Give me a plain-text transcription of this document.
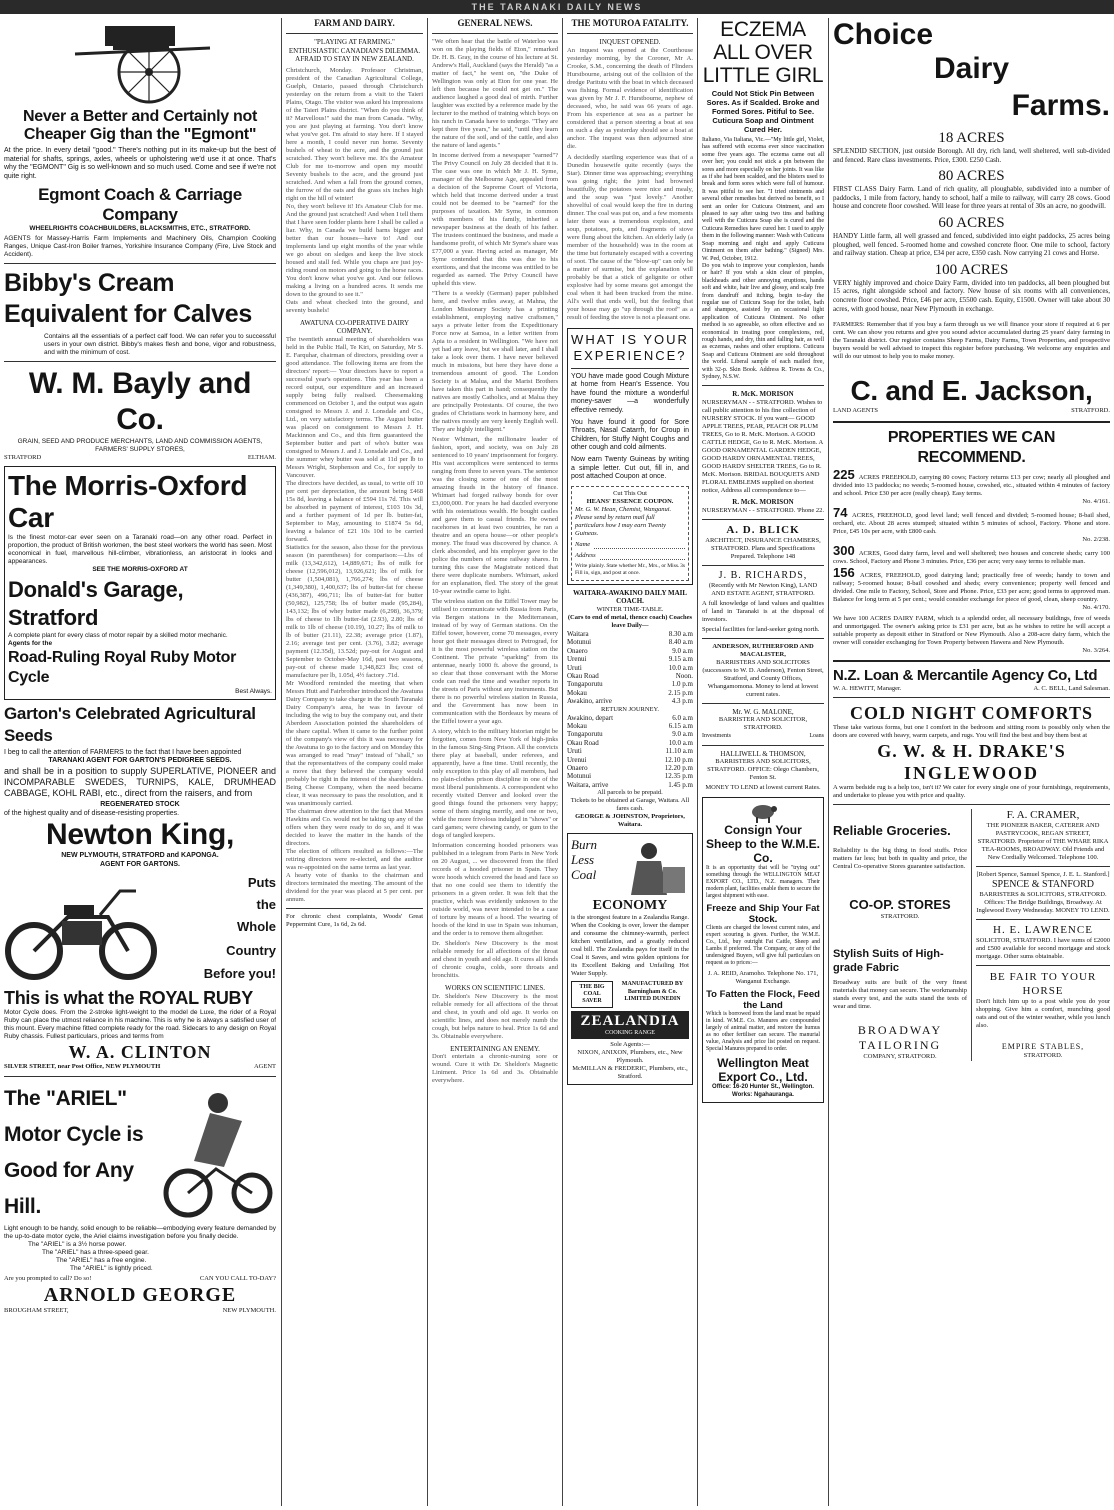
THE TARANAKI DAILY NEWS
Never a Better and Certainly not Cheaper Gig than the "Egmont"
At the price. In every detail "good." There's nothing put in its make-up but the best of material for shafts, springs, axles, wheels or upholstering we'd use it at once. That's why the "EGMONT" Gig is so well-known and so much used. Come and see if we're not quite right.
Egmont Coach & Carriage Company
WHEELRIGHTS COACHBUILDERS, BLACKSMITHS, ETC., STRATFORD.
AGENTS for Massey-Harris Farm Implements and Machinery Oils, Champion Cooking Ranges, Unique Cast-Iron Boiler frames, Yorkshire Insurance Company (Fire, Live Stock and Accident).
Bibby's Cream Equivalent for Calves
Contains all the essentials of a perfect calf food. We can refer you to successful users in your own district. Bibby's makes flesh and bone, vigor and robustness, and with the minimum of cost.
W. M. Bayly and Co.
GRAIN, SEED AND PRODUCE MERCHANTS, LAND AND COMMISSION AGENTS, FARMERS' SUPPLY STORES,
STRATFORD	ELTHAM.
The Morris-Oxford Car
Is the finest motor-car ever seen on a Taranaki road—on any other road. Perfect in proportion, the product of British workmen, the best steel workers the world has seen. Most economical in fuel, marvellous hill-climber, vibrationless, an aristocrat in looks and appearances.
SEE THE MORRIS-OXFORD AT
Donald's Garage, Stratford
A complete plant for every class of motor repair by a skilled motor mechanic.
Agents for the
Road-Ruling Royal Ruby Motor Cycle
Best Always.
Garton's Celebrated Agricultural Seeds
I beg to call the attention of FARMERS to the fact that I have been appointed
TARANAKI AGENT FOR GARTON'S PEDIGREE SEEDS.
and shall be in a position to supply SUPERLATIVE, PIONEER and INCOMPARABLE SWEDES, TURNIPS, KALE, DRUMHEAD CABBAGE, KOHL RABI, etc., direct from the raisers, and from
REGENERATED STOCK
of the highest quality and of disease-resisting properties.
Newton King,
NEW PLYMOUTH, STRATFORD and KAPONGA.
AGENT FOR GARTONS.
Puts
the
Whole
Country
Before you!
This is what the ROYAL RUBY
Motor Cycle does. From the 2-stroke light-weight to the model de Luxe, the rider of a Royal Ruby can place the utmost reliance in his machine. This is why he is always a satisfied user of this mount. Every machine fitted complete ready for the road. Sidecars to any design on Royal Ruby chassis. Fullest particulars, prices and terms from
W. A. CLINTON
SILVER STREET, near Post Office, NEW PLYMOUTH	AGENT
The "ARIEL" Motor Cycle is Good for Any Hill.
Light enough to be handy, solid enough to be reliable—embodying every feature demanded by the up-to-date motor cycle, the Ariel claims investigation before you finally decide.
The "ARIEL" is a 3½ horse power.
The "ARIEL" has a three-speed gear.
The "ARIEL" has a free engine.
The "ARIEL" is lightly priced.
Are you prompted to call? Do so!	CAN YOU CALL TO-DAY?
ARNOLD GEORGE
BROUGHAM STREET,	NEW PLYMOUTH.
FARM AND DAIRY.
"PLAYING AT FARMING."
ENTHUSIASTIC CANADIAN'S DILEMMA.
AFRAID TO STAY IN NEW ZEALAND.
Christchurch, Monday. Professor Christman, president of the Canadian Agricultural College, Guelph, Ontario, passed through Christchurch yesterday on the return from a visit to the Taieri Plains, Otago. The visitor was asked his impressions of the Taieri Plains district. "When do you think of it? Marvellous!" said the man from Canada. "Why, you are just playing at farming. You don't know what you've got. I'm afraid to stay here. If I stayed here a month, I could never run home. Seventy bushels of wheat to the acre, and the ground just scratched. They won't believe me. It's the Amateur Club for me to-morrow and open my mouth! Seventy bushels to the acre, and the ground just scratched. And when a fall from the ground comes, the furrow of the oats and the grass six inches high right on the hill of winter!
No, they won't believe it! It's Amateur Club for me. And the ground just scratched! And when I tell them that I have seen fodder plants here I shall be called a liar. Why, in Canada we build barns bigger and better than our houses—have to! And our implements land up eight months of the year while we go about on sledges and keep the live stock housed and stall fed. While you chaps are just joy-riding round on motors and going to the horse races. You don't know what you've got. And our fellows making a living on a hundred acres. It sends me down to the ground to see it."
Oats and wheat checked into the ground, and seventy bushels!
AWATUNA CO-OPERATIVE DAIRY COMPANY.
The twentieth annual meeting of shareholders was held in the Public Hall, Te Kiri, on Saturday, Mr S. E. Farquhar, chairman of directors, presiding over a good attendance. The following items are from the directors' report:— Your directors have to report a successful year's operations. This year has been a record output, our expenditure and an increased supply being fully realised. Cheesemaking commenced on October 1, and the output was again consigned to Messrs J. and J. Lonsdale and Co., Ltd., on very satisfactory terms. The August butter was placed on consignment to Messrs J. H. Mackinnon and Co., and this firm guaranteed the September butter and part of who's butter was consigned to Messrs J. and J. Lonsdale and Co., and the summer whey butter was sold at 11d per lb to Messrs Wright, Stephenson and Co., for supply to Vancouver.
The directors have decided, as usual, to write off 10 per cent per depreciation, the amount being £468 15s 8d, leaving a balance of £594 11s 7d. This will be absorbed in payment of interest, £103 10s 3d, and a further payment of 1d per lb. butter-fat, September to May, amounting to £1874 5s 6d, leaving a balance of £21 10s 10d to be carried forward.
Statistics for the season, also those for the previous season (in parentheses) for comparison:—Lbs of milk (13,342,612), 14,889,671; lbs of milk for cheese (12,596,012), 13,926,621; lbs of milk for butter (1,504,081), 1,766,274; lbs of cheese (1,349,380), 1,400,637; lbs of butter-fat for cheese (436,387), 496,711; lbs of butter-fat for butter (50,982), 125,758; lbs of butter made (95,284), 143,132; lbs of whey butter made (6,298), 36,379; lbs of cheese to 1lb butter-fat (2.93), 2.80; lbs of milk to 1lb of cheese (10.19), 10.27; lbs of milk to lb of butter (21.11), 22.38; average price (1.87), 2.16; average test per cent. (3.76), 3.82; average payment (12.35d), 13.52d; pay-out for August and September to October-May 16d, past two seasons, pay-out of cheese made 1,348,823 lbs; cost of manufacture per lb, 1.05d, 4½ factory .71d.
Mr Woodford reminded the meeting that when Messrs Hutt and Fairbrother introduced the Awatuna Dairy Company to take charge in the South Taranaki Dairy Company's area, he was in favour of including the wig to buy the company out, and their Aberdeen Association pointed the shareholders of the share capital. When it came to the further point of the company's view of this it was necessary for the Awatuna to go to the factory and on Monday this was arranged to read "may" instead of "shall," so that the representatives of the company could make a move that they believed the company would probably be right in the interest of the shareholders. Being Cheese Company, when the need became clear, it was necessary to pass the resolution, and it was unanimously carried.
The chairman drew attention to the fact that Messrs Hawkins and Co. would not be taking up any of the offers when they were ready to do so, and it was decided to leave the matter in the hands of the directors.
The election of officers resulted as follows:—The retiring directors were re-elected, and the auditor was re-appointed on the same terms as last year.
A hearty vote of thanks to the chairman and directors terminated the meeting. The amount of the dividend for the year was placed at 5 per cent. per annum.
For chronic chest complaints, Woods' Great Peppermint Cure, 1s 6d, 2s 6d.
GENERAL NEWS.
"We often hear that the battle of Waterloo was won on the playing fields of Eton," remarked Dr. H. B. Gray, in the course of his lecture at St. Andrew's Hall, Auckland (says the Herald) "as a matter of fact," he went on, "the Duke of Wellington was only at Eton for one year. He left then because he could not get on." The audience laughed a good deal of mirth. Further laughter was excited by a reference made by the lecturer to the method of training which boys on his ranch in Canada have to undergo. "They are kept there five years," he said, "until they learn the nature of the soil, and of the cattle, and also the nature of land agents."
In income derived from a newspaper "earned"? The Privy Council on July 28 decided that it is. The case was one in which Mr J. H. Syme, manager of the Melbourne Age, appealed from a decision of the Supreme Court of Victoria, which held that income derived under a trust could not be deemed to be "earned" for the purposes of taxation. Mr Syme, in common with members of his family, inherited a newspaper business at the death of his father. The trustees continued the business, and made a handsome profit, of which Mr Syme's share was £77,000 a year. Having acted as manager, Mr Syme contended that this was due to his exertions, and that the income was entitled to be regarded as earned. The Privy Council have upheld this view.
"There is a weekly (German) paper published here, and twelve miles away, at Mahna, the London Missionary Society has a printing establishment, employing native craftsmen," says a private letter from the Expeditionary Force now at Samoa, in a letter written from Apia to a resident in Wellington. "We have not yet had any leave, but we shall later, and I shall take a look over them. I have never believed much in missions, but here they have done a tremendous amount of good. The London Society is at Malua, and the Marist Brothers have taken this part in hand; consequently the natives are mostly Catholics, and at Malua they are principally Protestants. Of course, the two grades of Christians work in harmony here, and the natives mostly are very keenly English well. They are highly intelligent."
Nestor Whimart, the millionaire leader of fashion, sport, and society, was on July 28 sentenced to 10 years' imprisonment for forgery. His vast accomplices were sentenced to terms ranging from three to seven years. The sentence was the closing scene of one of the most amazing frauds in the history of finance. Whimart had forged railway bonds for over £3,000,000. For years he had dazzled everyone with his ostentatious wealth. He bought castles and gave them to casual friends. He owned racehorses in at least two countries, he ran a theatre and an opera house—or other people's money. The fraud was discovered by chance. A clerk absconded, and his employer gave to the police the numbers of some railway shares. In turning this case the Magistrate noticed that there were duplicate numbers. Whimart, asked for an explanation, fled. The story of the great 10-year swindle came to light.
The wireless station on the Eiffel Tower may be utilised to communicate with Russia from Paris, via Bergen stations in the Mediterranean, instead of by way of German stations. On the Eiffel tower, however, come 70 messages, every hour got their messages direct to Petrograd, for it is the most powerful wireless station on the Continent. The private "sparking" from its antennae, nearly 1000 ft. above the ground, is so clear that those conversant with the Morse code can read the time and weather reports in the streets of Paris without any instruments. But there is no powerful wireless station in Russia, and the Government has now been in communication with the Bordeaux by means of the Eiffel tower a year ago.
A story, which to the military historian might be forgotten, comes from New York of high-jinks in the famous Sing-Sing Prison. All the convicts there play at baseball, under referees, and apparently, have a fine time. Until recently, the only exception to this play of all members, had no plain-clothes prison discipline in one of the most liberal punishments. A correspondent who recently visited Denver and looked over the good things found the prisoners very happy; some of them singing merrily, and one or two, while the more frivolous indulged in "shows" or card games; were chewing candy, or gum to the dogs of tangled keepers.
Information concerning hooded prisoners was published in a telegram from Paris in New York on 20 August, ... we discovered from the filed records of a hooded prisoner in Spain. They wore hoods which covered the head and face so that no one could see them to identify the prisoners in a given order. It was felt that the practice, which was evidently unknown to the outside world, was never intended to be a case of torture by means of a hood. The wearing of hoods of the kind in use in Spain was inhuman, and the order is to remove them altogether.
Dr. Sheldon's New Discovery is the most reliable remedy for all affections of the throat and chest in youth and old age. It cures all kinds of chronic coughs, colds, sore throats and bronchitis.
WORKS ON SCIENTIFIC LINES.
Dr. Sheldon's New Discovery is the most reliable remedy for all affections of the throat and chest, in youth and old age. It works on scientific lines, and does not merely numb the cough, but helps nature to heal. Price 1s 6d and 3s. Obtainable everywhere.
ENTERTAINING AN ENEMY.
Don't entertain a chronic-nursing sore or wound. Cure it with Dr. Sheldon's Magnetic Liniment. Price 1s 6d and 3s. Obtainable everywhere.
THE MOTUROA FATALITY.
INQUEST OPENED.
An inquest was opened at the Courthouse yesterday morning, by the Coroner, Mr A. Crooke, S.M., concerning the death of Flinders Hurstbourne, arising out of the collision of the dredge Paritutu with the boat in which deceased was fishing. Formal evidence of identification was given by Mr J. F. Hurstbourne, nephew of deceased, who, he said was 66 years of age. From his experience at sea as a partner he considered that a person steering a boat at sea on such a day as yesterday should see a boat at anchor. The inquest was then adjourned sine die.
A decidedly startling experience was that of a Dunedin housewife quite recently (says the Star). Dinner time was approaching; everything was going right; the joint had browned beautifully, the potatoes were nice and mealy, and the soup was "just lovely." Another shovelful of coal would keep the fire in during dinner. The coal was put on, and a few moments later there was a tremendous explosion, and soup, potatoes, pots, and fragments of stove were flung about the kitchen. An elderly lady (a member of the household) was in the room at the time but fortunately escaped with a covering of soot. The cause of the "blow-up" can only be a matter of surmise, but the explanation will probably be that a stick of gelignite or other explosive had by some means got amongst the coal when it had been trucked from the mine. All's well that ends well, but the feeling that your house may go "up through the roof" as a result of feeding the stove is not a pleasant one.
WHAT IS YOUR EXPERIENCE?
YOU have made good Cough Mixture at home from Hean's Essence. You have found the mixture a wonderful money-saver —a wonderfully effective remedy.
You have found it good for Sore Throats, Nasal Catarrh, for Croup in Children, for Stuffy Night Coughs and other cough and cold ailments.
Now earn Twenty Guineas by writing a simple letter. Cut out, fill in, and post attached Coupon at once.
Cut This Out
HEANS' ESSENCE COUPON.
Mr. G. W. Hean, Chemist, Wanganui.
Please send by return mail full particulars how I may earn Twenty Guineas.
Name
Address
Write plainly. State whether Mr., Mrs., or Miss. Fill in, sign, and post at once.
3s
WAITARA-AWAKINO DAILY MAIL COACH.
WINTER TIME-TABLE.
(Cars to end of metal, thence coach) Coaches leave Daily—
Waitara	8.30 a.m
Motunui	8.40 a.m
Onaero	9.0 a.m
Urenui	9.15 a.m
Uruti	10.0 a.m
Okau Road	Noon.
Tongaporutu	1.0 p.m
Mokau	2.15 p.m
Awakino, arrive	4.3 p.m
RETURN JOURNEY.
Awakino, depart	6.0 a.m
Mokau	6.15 a.m
Tongaporutu	9.0 a.m
Okau Road	10.0 a.m
Uruti	11.10 a.m
Urenui	12.10 p.m
Onaero	12.20 p.m
Motunui	12.35 p.m
Waitara, arrive	1.45 p.m
All parcels to be prepaid.
Tickets to be obtained at Garage, Waitara. All fares cash.
GEORGE & JOHNSTON, Proprietors, Waitara.
Burn
Less
Coal
ECONOMY
is the strongest feature in a Zealandia Range. When the Cooking is over, lower the damper and consume the chimney-warmth, perfect kitchen ventilation, and a greatly reduced coal bill. The Zealandia pays for itself in the Coal it Saves, and wins golden opinions for its Excellent Baking and Unfailing Hot Water Supply.
THE BIG COAL SAVER
MANUFACTURED BY Barningham & Co. LIMITED DUNEDIN
ZEALANDIA
COOKING RANGE
Sole Agents:—
NIXON, ANIXON, Plumbers, etc., New Plymouth.
McMILLAN & FREDERIC, Plumbers, etc., Stratford.
ECZEMA ALL OVER LITTLE GIRL
Could Not Stick Pin Between Sores. As if Scalded. Broke and Formed Sores. Pitiful to See. Cuticura Soap and Ointment Cured Her.
Italiano, Via Italiana, Vic.—"My little girl, Violet, has suffered with eczema ever since vaccination some five years ago. The eczema came out all over her; you could not stick a pin between the sores and more especially on her joints. It was like as if she had been scalded, and the blisters used to break and form sores which were full of humour. It was pitiful to see her. "I tried ointments and several other remedies but derived no benefit, so I sent an order for Cuticura Ointment, and am pleased to say after using two tins and bathing well with the Cuticura Soap she is cured and the Cuticura Remedies have cured her. I used to apply them in the following manner: Wash with Cuticura Soap morning and night and apply Cuticura Ointment on them after bathing." (Signed) Mrs. W. Ped, October, 1912.
Do you wish to improve your complexion, hands or hair? If you wish a skin clear of pimples, blackheads and other annoying eruptions, hands soft and white, hair live and glossy, and scalp free from dandruff and itching, begin to-day the regular use of Cuticura Soap for the toilet, bath and shampoo, assisted by an occasional light application of Cuticura Ointment. No other method is so agreeable, so often effective and so economical in treating poor complexions, red, rough hands, and dry, thin and falling hair, as well as eczemas, rashes and other eruptions. Cuticura Soap and Cuticura Ointment are sold throughout the world. Liberal sample of each mailed free, with 32-p. Skin Book. Address R. Towns & Co., Sydney, N.S.W.
R. McK. MORISON
NURSERYMAN - - STRATFORD. Wishes to call public attention to his fine collection of NURSERY STOCK. If you want— GOOD APPLE TREES, PEAR, PEACH OR PLUM TREES, Go to R. McK. Morison. A GOOD CATTLE HEDGE, Go to R. McK. Morison. A GOOD ORNAMENTAL GARDEN HEDGE, GOOD HARDY ORNAMENTAL TREES, GOOD HARDY SHELTER TREES, Go to R. McK. Morison. BRIDAL BOUQUETS AND FLORAL EMBLEMS supplied on shortest notice, Address all correspondence to—
R. McK. MORISON
NURSERYMAN - - STRATFORD. 'Phone 22.
A. D. BLICK
ARCHITECT, INSURANCE CHAMBERS, STRATFORD. Plans and Specifications Prepared. Telephone 148
J. B. RICHARDS,
(Recently with Mr Newton King), LAND AND ESTATE AGENT, STRATFORD.
A full knowledge of land values and qualities of land in Taranaki is at the disposal of investors.
Special facilities for land-seeker going north.
ANDERSON, RUTHERFORD AND MACALISTER,
BARRISTERS AND SOLICITORS (successors to W. D. Anderson), Fenton Street, Stratford, and County Offices, Whangamomona. Money to lend at lowest current rates.
Mr. W. G. MALONE,
BARRISTER AND SOLICITOR, STRATFORD.
Investments	Loans
HALLIWELL & THOMSON,
BARRISTERS AND SOLICITORS, STRATFORD. OFFICE: Olego Chambers, Fenton St.
MONEY TO LEND at lowest current Rates.
Consign Your Sheep to the W.M.E. Co.
It is an opportunity that will be "trying out" something through the WELLINGTON MEAT EXPORT CO., LTD., N.Z. managers. Their modern plant, facilities enable them to secure the largest shipment with ease.
Freeze and Ship Your Fat Stock.
Clients are charged the lowest current rates, and expert scouring is given. Further, the W.M.E. Co., Ltd., buy outright Fat Cattle, Sheep and Lambs if preferred. The Company, or any of the undersigned Buyers, will give full particulars on request as to prices:—
J. A. REID, Aramoho. Telephone No. 171, Wanganui Exchange.
To Fatten the Flock, Feed the Land
Which is borrowed from the land must be repaid in kind. W.M.E. Co. Manures are compounded largely of animal matter, and restore the humus as no other fertiliser can secure. The manurial value, Analysis and price list posted on request. Special Manures prepared to order.
Wellington Meat Export Co., Ltd.
Office: 16-20 Hunter St., Wellington. Works: Ngahauranga.
Choice
Dairy
Farms.
18 ACRES
SPLENDID SECTION, just outside Borough. All dry, rich land, well sheltered, well sub-divided and fenced. Rare class investments. Price, £300. £250 Cash.
80 ACRES
FIRST CLASS Dairy Farm. Land of rich quality, all ploughable, subdivided into a number of paddocks, 1 mile from factory, handy to school, half a mile to railway, will carry 28 cows. Good house and concrete floor cowshed. Will lease for three years at rental of 30s an acre, no goodwill.
60 ACRES
HANDY Little farm, all well grassed and fenced, subdivided into eight paddocks, 25 acres being ploughed, well fenced. 5-roomed home and cowshed concrete floor. One mile to school, factory and railway station. Cheap at price, £34 per acre, £350 cash. Now carrying 21 cows and Horse.
100 ACRES
VERY highly improved and choice Dairy Farm, divided into ten paddocks, all been ploughed but 15 acres, right alongside school and factory. New house of six rooms with all conveniences, concrete floor cowshed. Price, £46 per acre, £5500 cash. Equity, £1500. Owner will take about 30 acres, with good house, near New Plymouth in exchange.
FARMERS: Remember that if you buy a farm through us we will finance your store if required at 6 per cent. We can show you returns and give you sound advice accumulated during 25 years' dairy farming in the Taranaki district. Our register contains Sheep Farms, Dairy Farms, Town Properties, and prospective buyers would be well advised to inspect this register before purchasing. We welcome any enquiries and will do our utmost to help you to make money.
C. and E. Jackson,
LAND AGENTS	STRATFORD.
PROPERTIES WE CAN RECOMMEND.
225 ACRES FREEHOLD, carrying 80 cows; Factory returns £13 per cow; nearly all ploughed and divided into 13 paddocks; no weeds; 5-roomed house, cowshed, etc., situated within 4 minutes of factory and school. Price £30 per acre (really cheap). Easy terms.
No. 4/161.
74 ACRES, FREEHOLD, good level land; well fenced and divided; 5-roomed house; 8-bail shed, orchard, etc. About 28 acres stumped; situated within 5 minutes of school, Factory. 'Phone and store. Price, £45 10s per acre, with £800 cash.
No. 2/238.
300 ACRES, Good dairy farm, level and well sheltered; two houses and concrete sheds; carry 100 cows. School, Factory and Phone 3 minutes. Price, £36 per acre; very easy terms to reliable man.
156 ACRES, FREEHOLD, good dairying land; practically free of weeds; handy to town and railway; 5-roomed house; 8-bail cowshed and sheds; every convenience; property well fenced and divided. One mile to Factory, School, Store and Phone. Price, £33 per acre; good terms to approved man. Balance for long term at 5 per cent.; would consider exchange for piece of good, clean, sheep country.
No. 4/170.
We have 100 ACRES DAIRY FARM, which is a splendid order, all necessary buildings, free of weeds and unmortgaged. The owner's asking price is £31 per acre, but as he wishes to retire he will accept a suitable property as deposit either in Stratford or New Plymouth. Also a 208-acre dairy farm, which the owner will consider exchanging for Town Property between Hawera and New Plymouth.
No. 3/264.
N.Z. Loan & Mercantile Agency Co, Ltd
W. A. HEWITT, Manager.	A. C. BELL, Land Salesman.
COLD NIGHT COMFORTS
These take various forms, but one I comfort in the bedroom and sitting room is possibly only when the doors are covered with heavy, warm carpets, and rugs. You will find the best and buy them best at
G. W. & H. DRAKE'S
INGLEWOOD
A warm bedside rug is a help too, isn't it? We cater for every single one of your furnishings, requirements, and undertake to please you with price and quality.
Reliable Groceries.
Reliability is the big thing in food stuffs. Price matters far less; but both in quality and price, the Central Co-operative Stores guarantee satisfaction.
CO-OP. STORES
STRATFORD.
Stylish Suits of High-grade Fabric
Broadway suits are built of the very finest materials that money can secure. The workmanship stands every test, and the suits stand the tests of wear and time.
BROADWAY
TAILORING
COMPANY, STRATFORD.
F. A. CRAMER,
THE PIONEER BAKER, CATERER AND PASTRYCOOK, REGAN STREET, STRATFORD. Proprietor of THE WHARE RIKA TEA-ROOMS, BROADWAY. Old Friends and New Cordially Welcomed. Telephone 100.
[Robert Spence, Samuel Spence, J. E. L. Stanford.]
SPENCE & STANFORD
BARRISTERS & SOLICITORS, STRATFORD. Offices: The Bridge Buildings, Broadway. At Inglewood Every Wednesday. MONEY TO LEND.
H. E. LAWRENCE
SOLICITOR, STRATFORD. I have sums of £2000 and £500 available for second mortgage and stock mortgage. Other sums obtainable.
BE FAIR TO YOUR HORSE
Don't hitch him up to a post while you do your shopping. Give him a comfort, munching good oats and out of the winter weather, while you lunch also.
EMPIRE STABLES,
STRATFORD.
